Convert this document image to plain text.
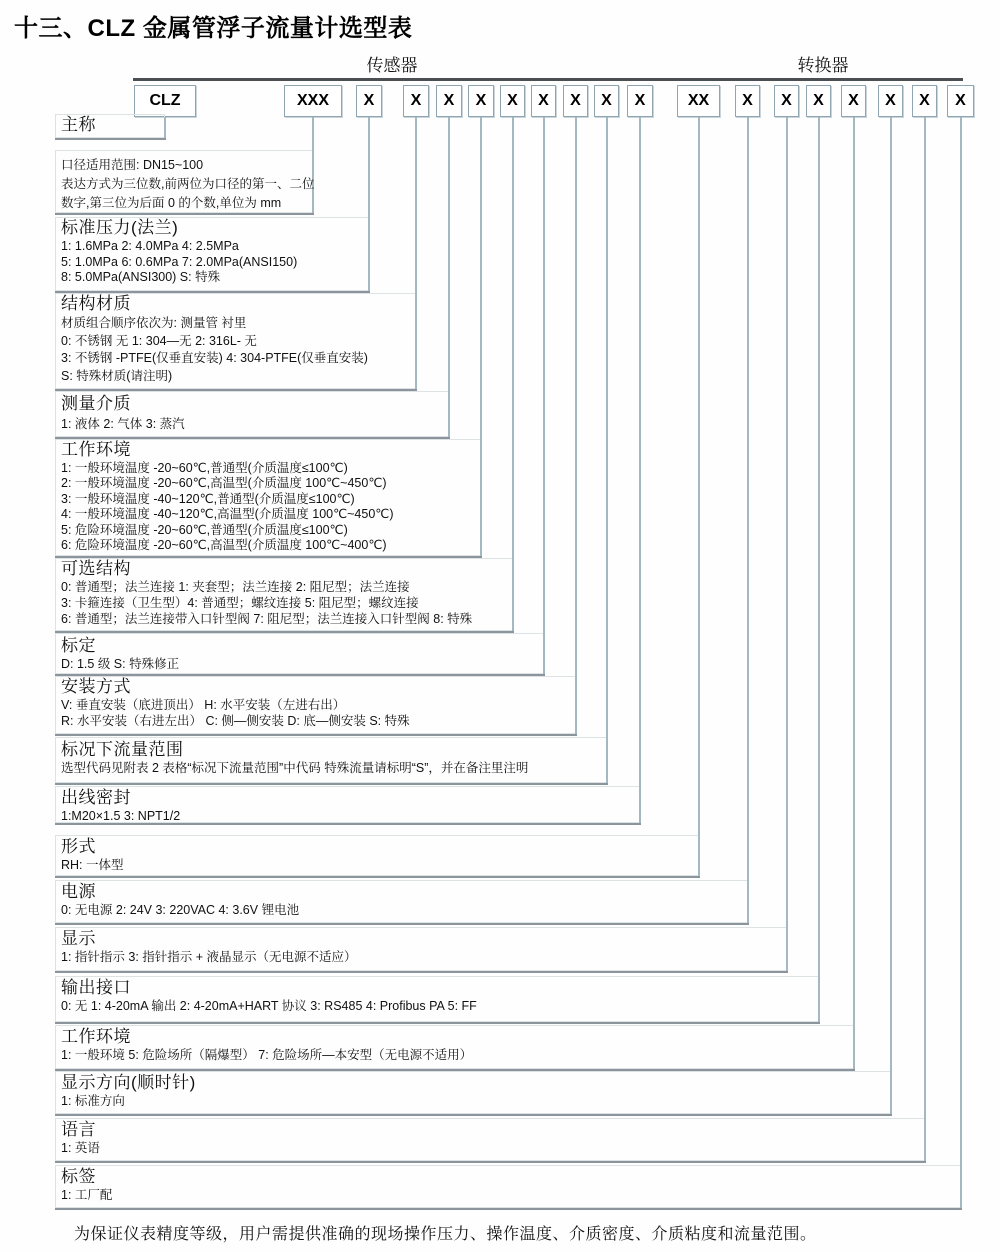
十三、CLZ 金属管浮子流量计选型表
传感器	转换器
CLZ	XXX	X	X	X	X	X	X	X	X	X	XX	X	X	X	X	X	X	X
主称
口径适用范围: DN15~100
表达方式为三位数,前两位为口径的第一、二位
数字,第三位为后面 0 的个数,单位为 mm
标准压力(法兰)
1: 1.6MPa 2: 4.0MPa 4: 2.5MPa
5: 1.0MPa 6: 0.6MPa 7: 2.0MPa(ANSI150)
8: 5.0MPa(ANSI300) S: 特殊
结构材质
材质组合顺序依次为: 测量管 衬里
0: 不锈钢 无 1: 304—无 2: 316L- 无
3: 不锈钢 -PTFE(仅垂直安装) 4: 304-PTFE(仅垂直安装)
S: 特殊材质(请注明)
测量介质
1: 液体 2: 气体 3: 蒸汽
工作环境
1: 一般环境温度 -20~60℃,普通型(介质温度≤100℃)
2: 一般环境温度 -20~60℃,高温型(介质温度 100℃~450℃)
3: 一般环境温度 -40~120℃,普通型(介质温度≤100℃)
4: 一般环境温度 -40~120℃,高温型(介质温度 100℃~450℃)
5: 危险环境温度 -20~60℃,普通型(介质温度≤100℃)
6: 危险环境温度 -20~60℃,高温型(介质温度 100℃~400℃)
可选结构
0: 普通型；法兰连接 1: 夹套型；法兰连接 2: 阻尼型；法兰连接
3: 卡箍连接（卫生型）4: 普通型；螺纹连接 5: 阻尼型；螺纹连接
6: 普通型；法兰连接带入口针型阀 7: 阻尼型；法兰连接入口针型阀 8: 特殊
标定
D: 1.5 级 S: 特殊修正
安装方式
V: 垂直安装（底进顶出） H: 水平安装（左进右出）
R: 水平安装（右进左出） C: 侧—侧安装 D: 底—侧安装 S: 特殊
标况下流量范围
选型代码见附表 2 表格“标况下流量范围”中代码 特殊流量请标明“S”，并在备注里注明
出线密封
1:M20×1.5 3: NPT1/2
形式
RH: 一体型
电源
0: 无电源 2: 24V 3: 220VAC 4: 3.6V 锂电池
显示
1: 指针指示 3: 指针指示 + 液晶显示（无电源不适应）
输出接口
0: 无 1: 4-20mA 输出 2: 4-20mA+HART 协议 3: RS485 4: Profibus PA 5: FF
工作环境
1: 一般环境 5: 危险场所（隔爆型） 7: 危险场所—本安型（无电源不适用）
显示方向(顺时针)
1: 标准方向
语言
1: 英语
标签
1: 工厂配
为保证仪表精度等级，用户需提供准确的现场操作压力、操作温度、介质密度、介质粘度和流量范围。
